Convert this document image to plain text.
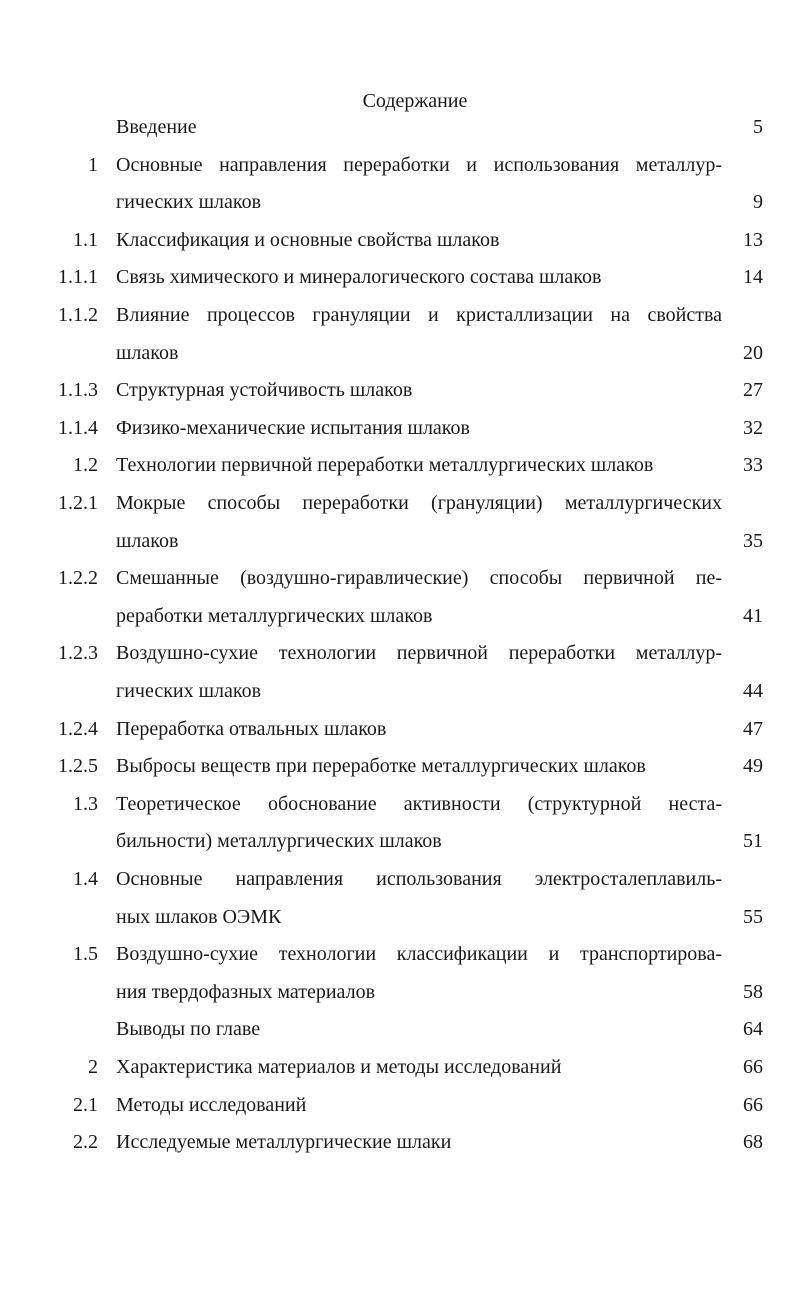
Содержание
Введение	5
1 Основные направления переработки и использования металлур-
гических шлаков	9
1.1 Классификация и основные свойства шлаков	13
1.1.1 Связь химического и минералогического состава шлаков	14
1.1.2 Влияние процессов грануляции и кристаллизации на свойства
шлаков	20
1.1.3 Структурная устойчивость шлаков	27
1.1.4 Физико-механические испытания шлаков	32
1.2 Технологии первичной переработки металлургических шлаков	33
1.2.1 Мокрые способы переработки (грануляции) металлургических
шлаков	35
1.2.2 Смешанные (воздушно-гиравлические) способы первичной пе-
реработки металлургических шлаков	41
1.2.3 Воздушно-сухие технологии первичной переработки металлур-
гических шлаков	44
1.2.4 Переработка отвальных шлаков	47
1.2.5 Выбросы веществ при переработке металлургических шлаков	49
1.3 Теоретическое обоснование активности (структурной неста-
бильности) металлургических шлаков	51
1.4 Основные направления использования электросталеплавиль-
ных шлаков ОЭМК	55
1.5 Воздушно-сухие технологии классификации и транспортирова-
ния твердофазных материалов	58
Выводы по главе	64
2 Характеристика материалов и методы исследований	66
2.1 Методы исследований	66
2.2 Исследуемые металлургические шлаки	68
